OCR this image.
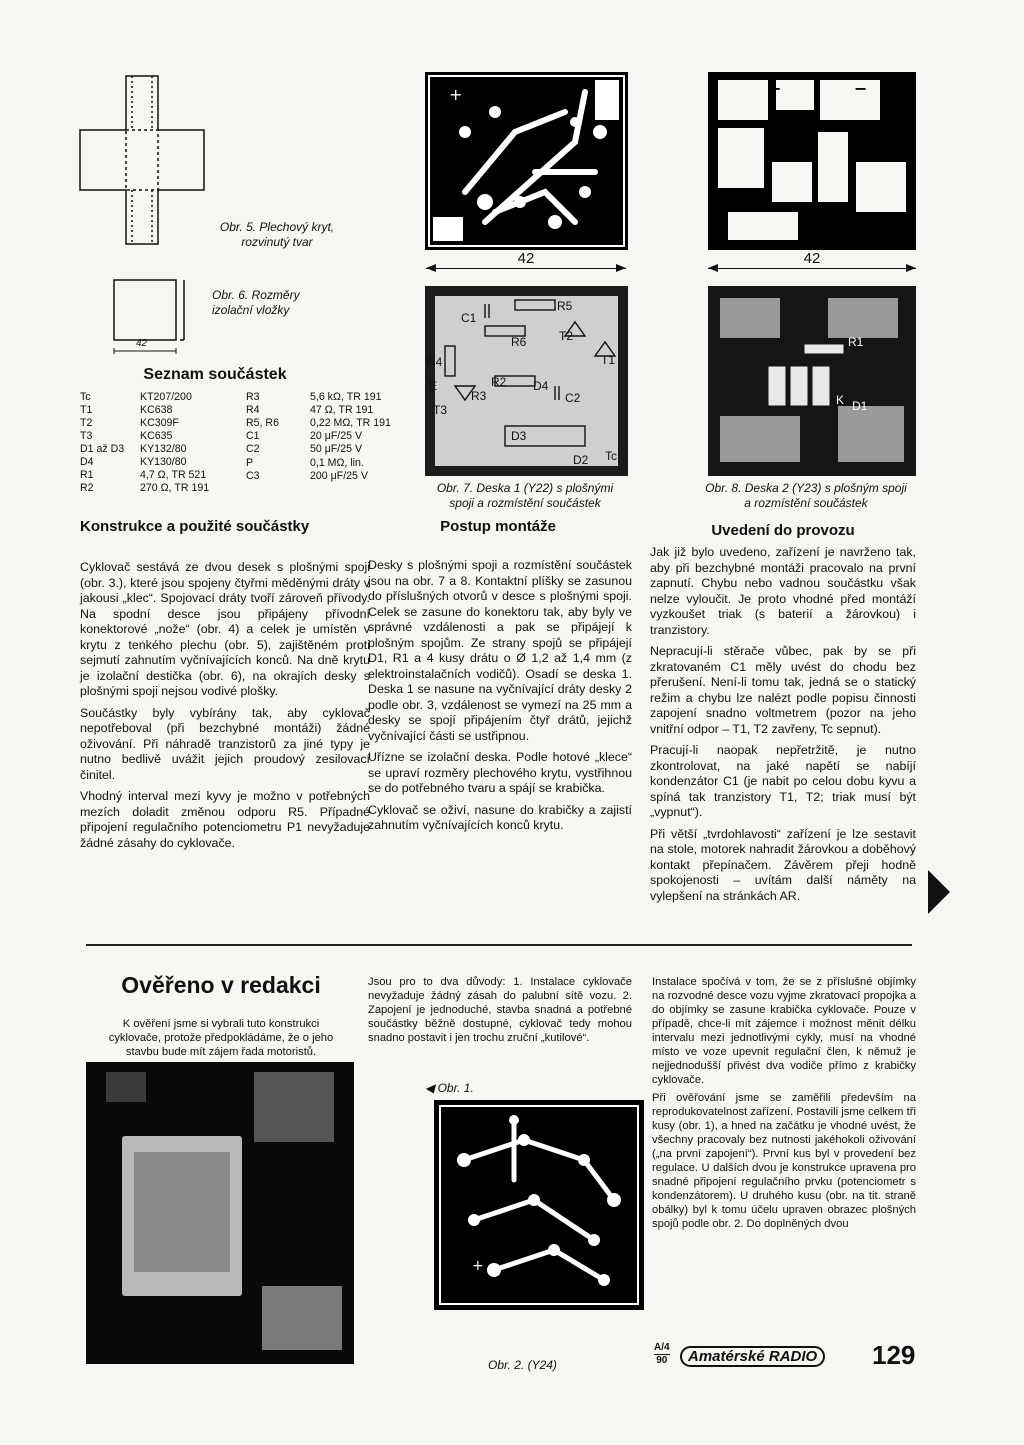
Obr. 5. Plechový kryt,
rozvinutý tvar
42
Obr. 6. Rozměry
izolační vložky
+	+	−
42	42
C1
R5
R6	T2
R4
R2 D4
T1
R3
T3
C2
D3
D2 Tc
E
R1
K D1
Obr. 7. Deska 1 (Y22) s plošnými
spoji a rozmístění součástek
Obr. 8. Deska 2 (Y23) s plošným spoji
a rozmístění součástek
Seznam součástek
Tc	KT207/200
T1	KC638
T2	KC309F
T3	KC635
D1 až D3	KY132/80
D4	KY130/80
R1	4,7 Ω, TR 521
R2	270 Ω, TR 191
R3	5,6 kΩ, TR 191
R4	47 Ω, TR 191
R5, R6	0,22 MΩ, TR 191
C1	20 μF/25 V
C2	50 μF/25 V

P	0,1 MΩ, lin.
C3	200 μF/25 V
Konstrukce a použité součástky

Cyklovač sestává ze dvou desek s plošnými spoji (obr. 3.), které jsou spojeny čtyřmi měděnými dráty v jakousi „klec“. Spojovací dráty tvoří zároveň přívody. Na spodní desce jsou připájeny přívodní konektorové „nože“ (obr. 4) a celek je umístěn v krytu z tenkého plechu (obr. 5), zajištěném proti sejmutí zahnutím vyčnívajících konců. Na dně krytu je izolační destička (obr. 6), na okrajích desky s plošnými spoji nejsou vodivé plošky.

Součástky byly vybírány tak, aby cyklovač nepotřeboval (při bezchybné montáži) žádné oživování. Při náhradě tranzistorů za jiné typy je nutno bedlivě uvážit jejich proudový zesilovací činitel.

Vhodný interval mezi kyvy je možno v potřebných mezích doladit změnou odporu R5. Případné připojení regulačního potenciometru P1 nevyžaduje žádné zásahy do cyklovače.

Postup montáže

Desky s plošnými spoji a rozmístění součástek jsou na obr. 7 a 8. Kontaktní plíšky se zasunou do příslušných otvorů v desce s plošnými spoji. Celek se zasune do konektoru tak, aby byly ve správné vzdálenosti a pak se připájejí k plošným spojům. Ze strany spojů se připájejí D1, R1 a 4 kusy drátu o Ø 1,2 až 1,4 mm (z elektroinstalačních vodičů). Osadí se deska 1. Deska 1 se nasune na vyčnívající dráty desky 2 podle obr. 3, vzdálenost se vymezí na 25 mm a desky se spojí připájením čtyř drátů, jejichž vyčnívající části se ustřipnou.

Uřízne se izolační deska. Podle hotové „klece“ se upraví rozměry plechového krytu, vystřihnou se do potřebného tvaru a spájí se krabička.

Cyklovač se oživí, nasune do krabičky a zajistí zahnutím vyčnívajících konců krytu.

Uvedení do provozu

Jak již bylo uvedeno, zařízení je navrženo tak, aby při bezchybné montáži pracovalo na první zapnutí. Chybu nebo vadnou součástku však nelze vyloučit. Je proto vhodné před montáží vyzkoušet triak (s baterií a žárovkou) i tranzistory.

Nepracují-li stěrače vůbec, pak by se při zkratovaném C1 měly uvést do chodu bez přerušení. Není-li tomu tak, jedná se o statický režim a chybu lze nalézt podle popisu činnosti zapojení snadno voltmetrem (pozor na jeho vnitřní odpor – T1, T2 zavřeny, Tc sepnut).

Pracují-li naopak nepřetržitě, je nutno zkontrolovat, na jaké napětí se nabíjí kondenzátor C1 (je nabit po celou dobu kyvu a spíná tak tranzistory T1, T2; triak musí být „vypnut“).

Při větší „tvrdohlavosti“ zařízení je lze sestavit na stole, motorek nahradit žárovkou a doběhový kontakt přepínačem. Závěrem přeji hodně spokojenosti – uvítám další náměty na vylepšení na stránkách AR.

Ověřeno v redakci
K ověření jsme si vybrali tuto konstrukci cyklovače, protože předpokládáme, že o jeho stavbu bude mít zájem řada motoristů.
Jsou pro to dva důvody: 1. Instalace cyklovače nevyžaduje žádný zásah do palubní sítě vozu. 2. Zapojení je jednoduché, stavba snadná a potřebné součástky běžně dostupné, cyklovač tedy mohou snadno postavit i jen trochu zruční „kutilové“.
◀ Obr. 1.
+
Obr. 2. (Y24)

Instalace spočívá v tom, že se z příslušné objímky na rozvodné desce vozu vyjme zkratovací propojka a do objímky se zasune krabička cyklovače. Pouze v případě, chce-li mít zájemce i možnost měnit délku intervalu mezi jednotlivými cykly, musí na vhodné místo ve voze upevnit regulační člen, k němuž je nejjednodušší přivést dva vodiče přímo z krabičky cyklovače.

Při ověřování jsme se zaměřili především na reprodukovatelnost zařízení. Postavili jsme celkem tři kusy (obr. 1), a hned na začátku je vhodné uvést, že všechny pracovaly bez nutnosti jakéhokoli oživování („na první zapojení“). První kus byl v provedení bez regulace. U dalších dvou je konstrukce upravena pro snadné připojení regulačního prvku (potenciometr s kondenzátorem). U druhého kusu (obr. na tit. straně obálky) byl k tomu účelu upraven obrazec plošných spojů podle obr. 2. Do doplněných dvou

A/4
90	Amatérské RADIO	129
